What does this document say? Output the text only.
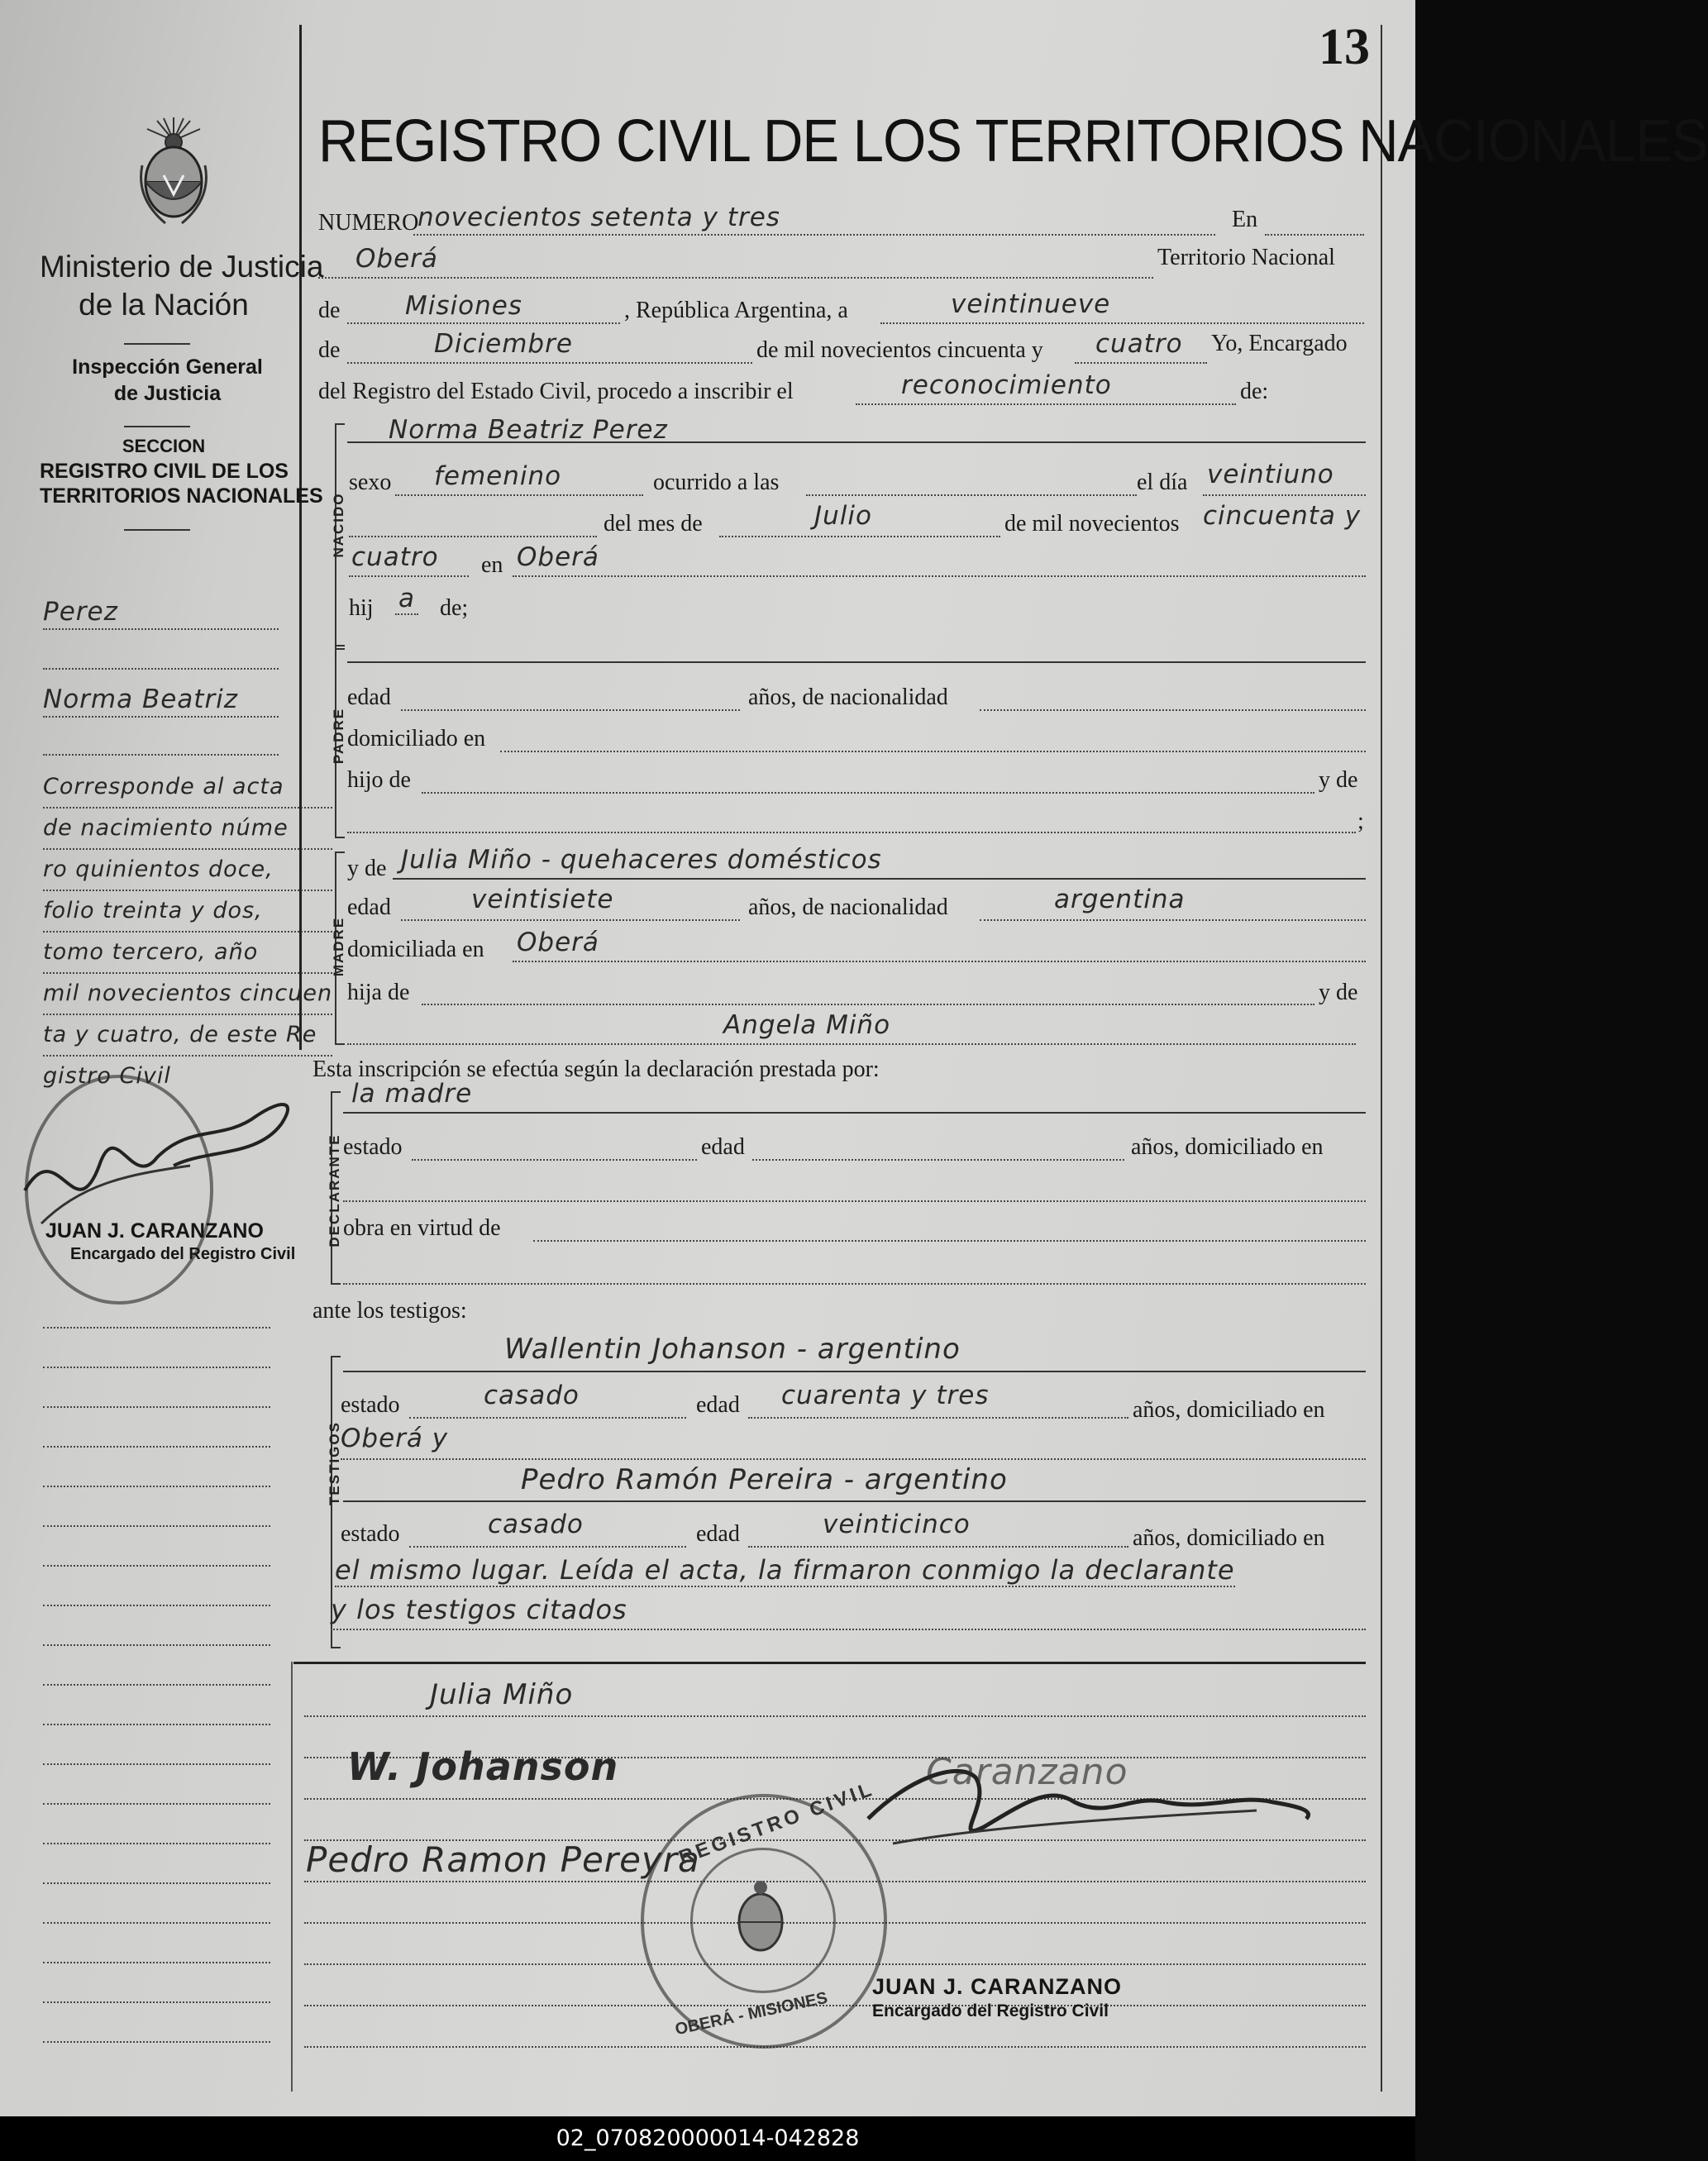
13
Ministerio de Justicia
de la Nación
Inspección General
de Justicia
SECCION
REGISTRO CIVIL DE LOS
TERRITORIOS NACIONALES
Perez
Norma Beatriz
Corresponde al acta
de nacimiento núme
ro quinientos doce,
folio treinta y dos,
tomo tercero, año
mil novecientos cincuen
ta y cuatro, de este Re
gistro Civil
JUAN J. CARANZANO
Encargado del Registro Civil
REGISTRO CIVIL DE LOS TERRITORIOS NACIONALES
NUMERO
novecientos setenta y tres	En
Oberá	Territorio Nacional
de	Misiones	, República Argentina, a	veintinueve
de	Diciembre	de mil novecientos cincuenta y cuatro Yo, Encargado
del Registro del Estado Civil, procedo a inscribir el	reconocimiento	de:
NACIDO
Norma Beatriz Perez
sexo femenino	ocurrido a las	el día veintiuno
del mes de	Julio	de mil novecientos cincuenta y
cuatro en Oberá
hij a de;
PADRE
edad	años, de nacionalidad
domiciliado en
hijo de	y de
;
MADRE
y de Julia Miño - quehaceres domésticos
edad	veintisiete	años, de nacionalidad	argentina
domiciliada en Oberá
hija de	y de
Angela Miño
Esta inscripción se efectúa según la declaración prestada por:
la madre
DECLARANTE estado	edad	años, domiciliado en
obra en virtud de
ante los testigos:
TESTIGOS
Wallentin Johanson - argentino
estado	casado	edad cuarenta y tres	años, domiciliado en
Oberá y
Pedro Ramón Pereira - argentino
estado	casado	edad	veinticinco	años, domiciliado en
el mismo lugar. Leída el acta, la firmaron conmigo la declarante
y los testigos citados
Julia Miño
W. Johanson
Pedro Ramon Pereyra
Caranzano
REGISTRO CIVIL
OBERÁ - MISIONES
JUAN J. CARANZANO
Encargado del Registro Civil
02_070820000014-042828
